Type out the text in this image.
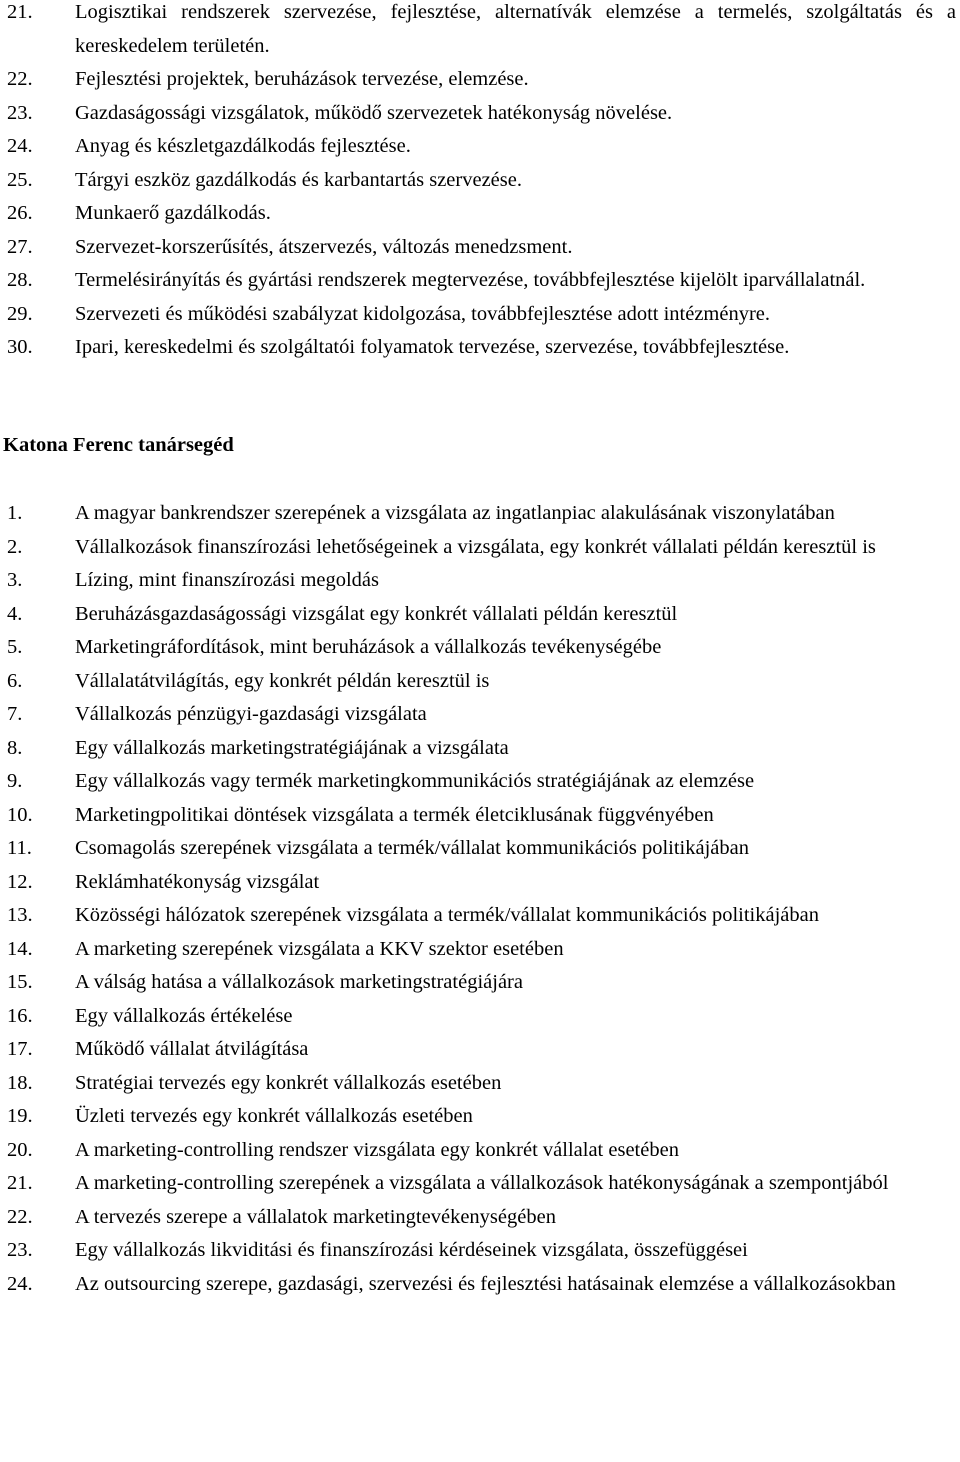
21.	Logisztikai rendszerek szervezése, fejlesztése, alternatívák elemzése a termelés, szolgáltatás és a kereskedelem területén.
22.	Fejlesztési projektek, beruházások tervezése, elemzése.
23.	Gazdaságossági vizsgálatok, működő szervezetek hatékonyság növelése.
24.	Anyag és készletgazdálkodás fejlesztése.
25.	Tárgyi eszköz gazdálkodás és karbantartás szervezése.
26.	Munkaerő gazdálkodás.
27.	Szervezet-korszerűsítés, átszervezés, változás menedzsment.
28.	Termelésirányítás és gyártási rendszerek megtervezése, továbbfejlesztése kijelölt iparvállalatnál.
29.	Szervezeti és működési szabályzat kidolgozása, továbbfejlesztése adott intézményre.
30.	Ipari, kereskedelmi és szolgáltatói folyamatok tervezése, szervezése, továbbfejlesztése.
Katona Ferenc tanársegéd
1.	A magyar bankrendszer szerepének a vizsgálata az ingatlanpiac alakulásának viszonylatában
2.	Vállalkozások finanszírozási lehetőségeinek a vizsgálata, egy konkrét vállalati példán keresztül is
3.	Lízing, mint finanszírozási megoldás
4.	Beruházásgazdaságossági vizsgálat egy konkrét vállalati példán keresztül
5.	Marketingráfordítások, mint beruházások a vállalkozás tevékenységébe
6.	Vállalatátvilágítás, egy konkrét példán keresztül is
7.	Vállalkozás pénzügyi-gazdasági vizsgálata
8.	Egy vállalkozás marketingstratégiájának a vizsgálata
9.	Egy vállalkozás vagy termék marketingkommunikációs stratégiájának az elemzése
10.	Marketingpolitikai döntések vizsgálata a termék életciklusának függvényében
11.	Csomagolás szerepének vizsgálata a termék/vállalat kommunikációs politikájában
12.	Reklámhatékonyság vizsgálat
13.	Közösségi hálózatok szerepének vizsgálata a termék/vállalat kommunikációs politikájában
14.	A marketing szerepének vizsgálata a KKV szektor esetében
15.	A válság hatása a vállalkozások marketingstratégiájára
16.	Egy vállalkozás értékelése
17.	Működő vállalat átvilágítása
18.	Stratégiai tervezés egy konkrét vállalkozás esetében
19.	Üzleti tervezés egy konkrét vállalkozás esetében
20.	A marketing-controlling rendszer vizsgálata egy konkrét vállalat esetében
21.	A marketing-controlling szerepének a vizsgálata a vállalkozások hatékonyságának a szempontjából
22.	A tervezés szerepe a vállalatok marketingtevékenységében
23.	Egy vállalkozás likviditási és finanszírozási kérdéseinek vizsgálata, összefüggései
24.	Az outsourcing szerepe, gazdasági, szervezési és fejlesztési hatásainak elemzése a vállalkozásokban
